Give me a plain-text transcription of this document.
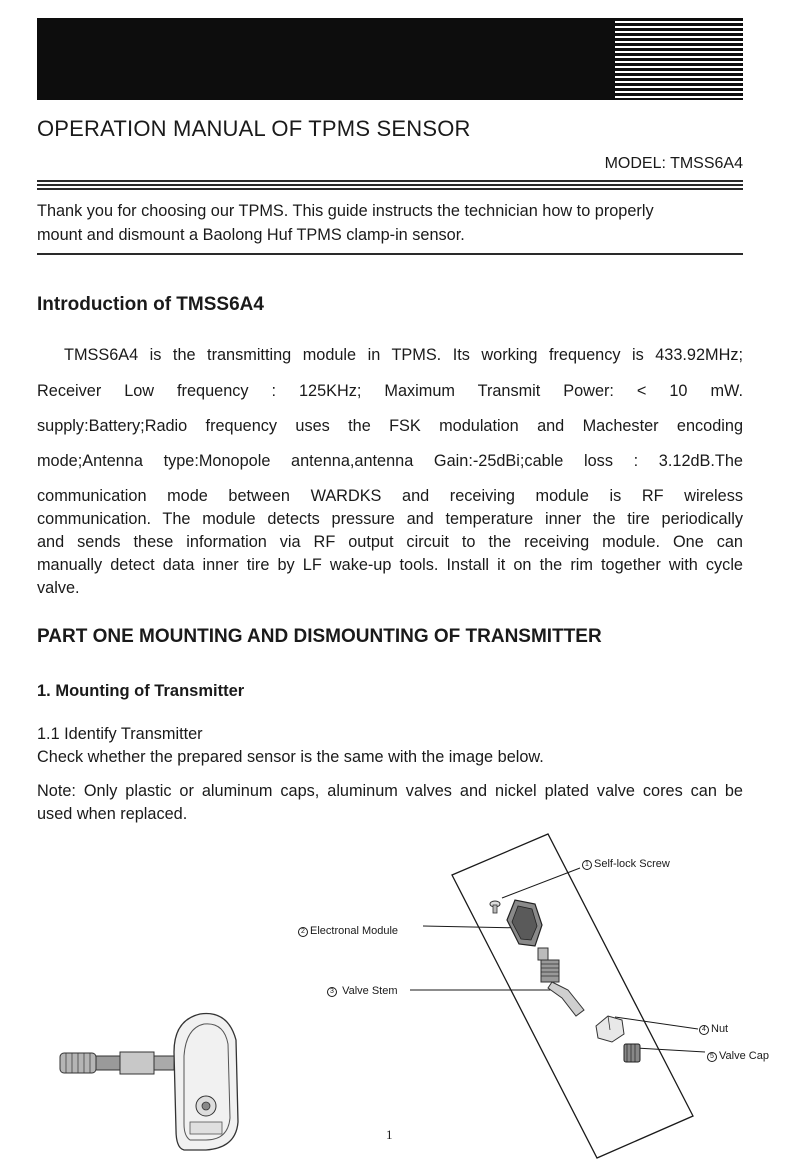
OPERATION MANUAL OF TPMS SENSOR
MODEL: TMSS6A4
Thank you for choosing our TPMS. This guide instructs the technician how to properly
mount and dismount a Baolong Huf TPMS clamp-in sensor.
Introduction of TMSS6A4
TMSS6A4 is the transmitting module in TPMS. Its working frequency is 433.92MHz;
Receiver Low frequency : 125KHz; Maximum Transmit Power: < 10 mW.
supply:Battery;Radio frequency uses the FSK modulation and Machester encoding
mode;Antenna type:Monopole antenna,antenna Gain:-25dBi;cable loss : 3.12dB.The
communication mode between WARDKS and receiving module is RF wireless
communication. The module detects pressure and temperature inner the tire periodically
and sends these information via RF output circuit to the receiving module. One can
manually detect data inner tire by LF wake-up tools. Install it on the rim together with cycle
valve.
PART ONE MOUNTING AND DISMOUNTING OF TRANSMITTER
1. Mounting of Transmitter
1.1 Identify Transmitter
Check whether the prepared sensor is the same with the image below.
Note: Only plastic or aluminum caps, aluminum valves and nickel plated valve cores can be
used when replaced.
1 Self-lock Screw
2 Electronal Module
3 Valve Stem
4 Nut
5 Valve Cap
1
